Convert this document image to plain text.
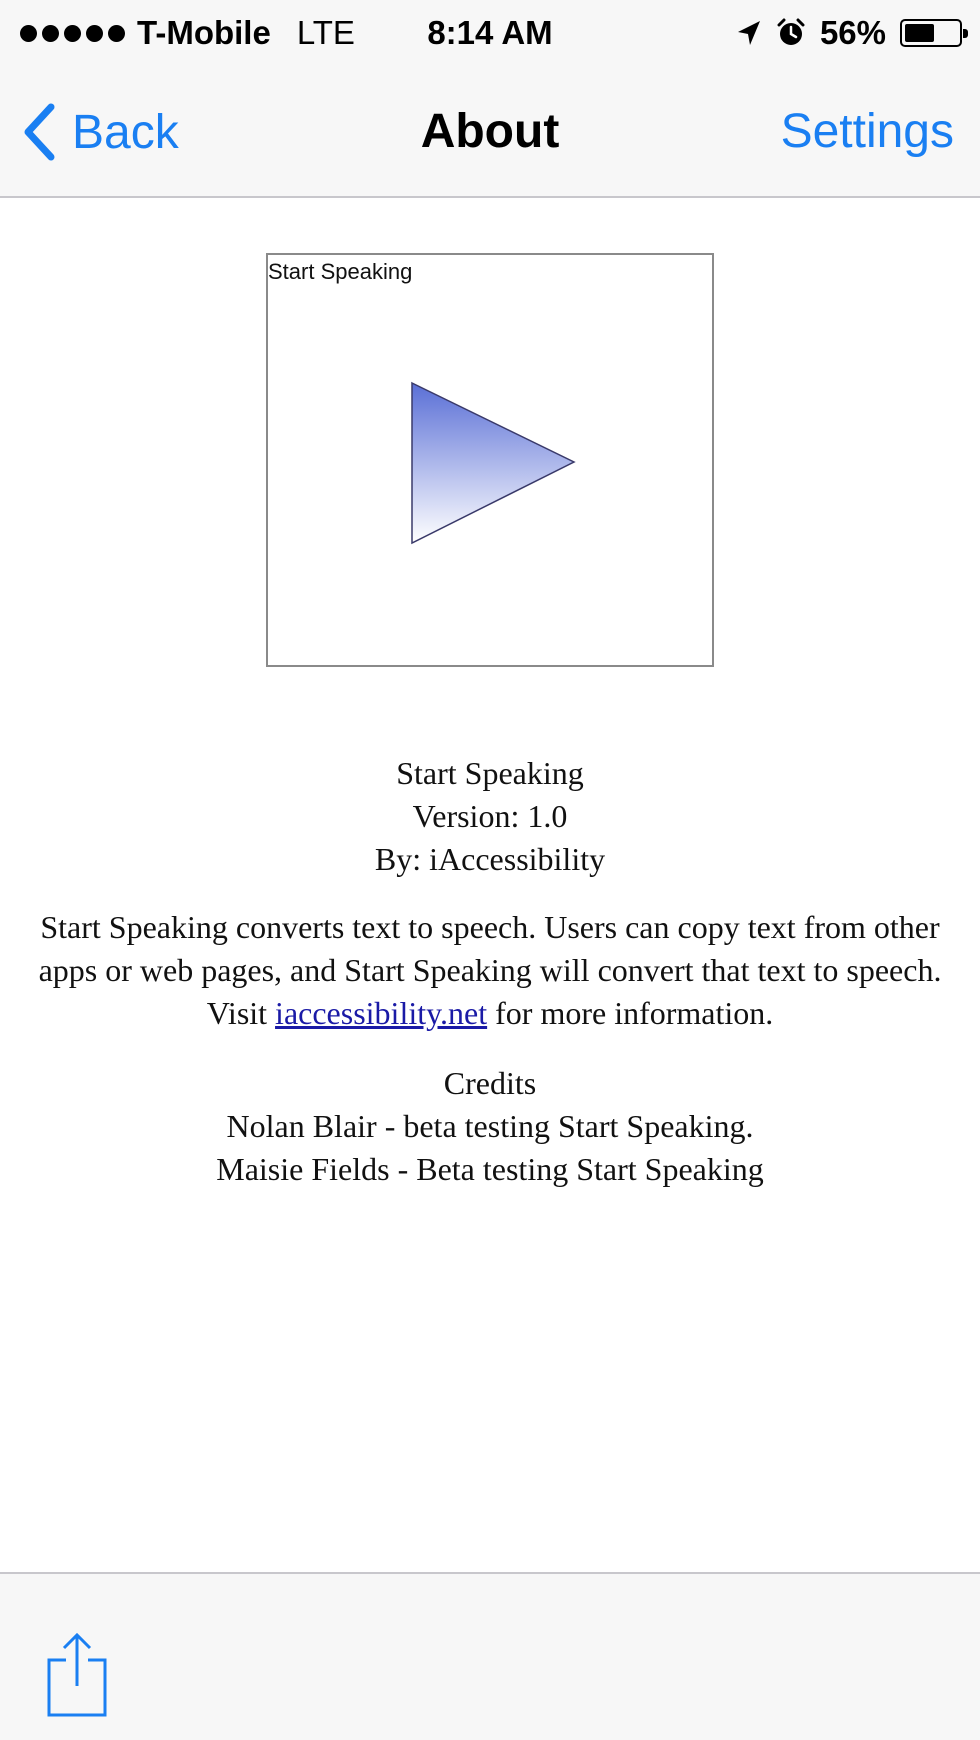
T-Mobile LTE	8:14 AM	56%
Back	About	Settings
Start Speaking
Start Speaking
Version: 1.0
By: iAccessibility
Start Speaking converts text to speech. Users can copy text from other apps or web pages, and Start Speaking will convert that text to speech. Visit iaccessibility.net for more information.
Credits
Nolan Blair - beta testing Start Speaking.
Maisie Fields - Beta testing Start Speaking
